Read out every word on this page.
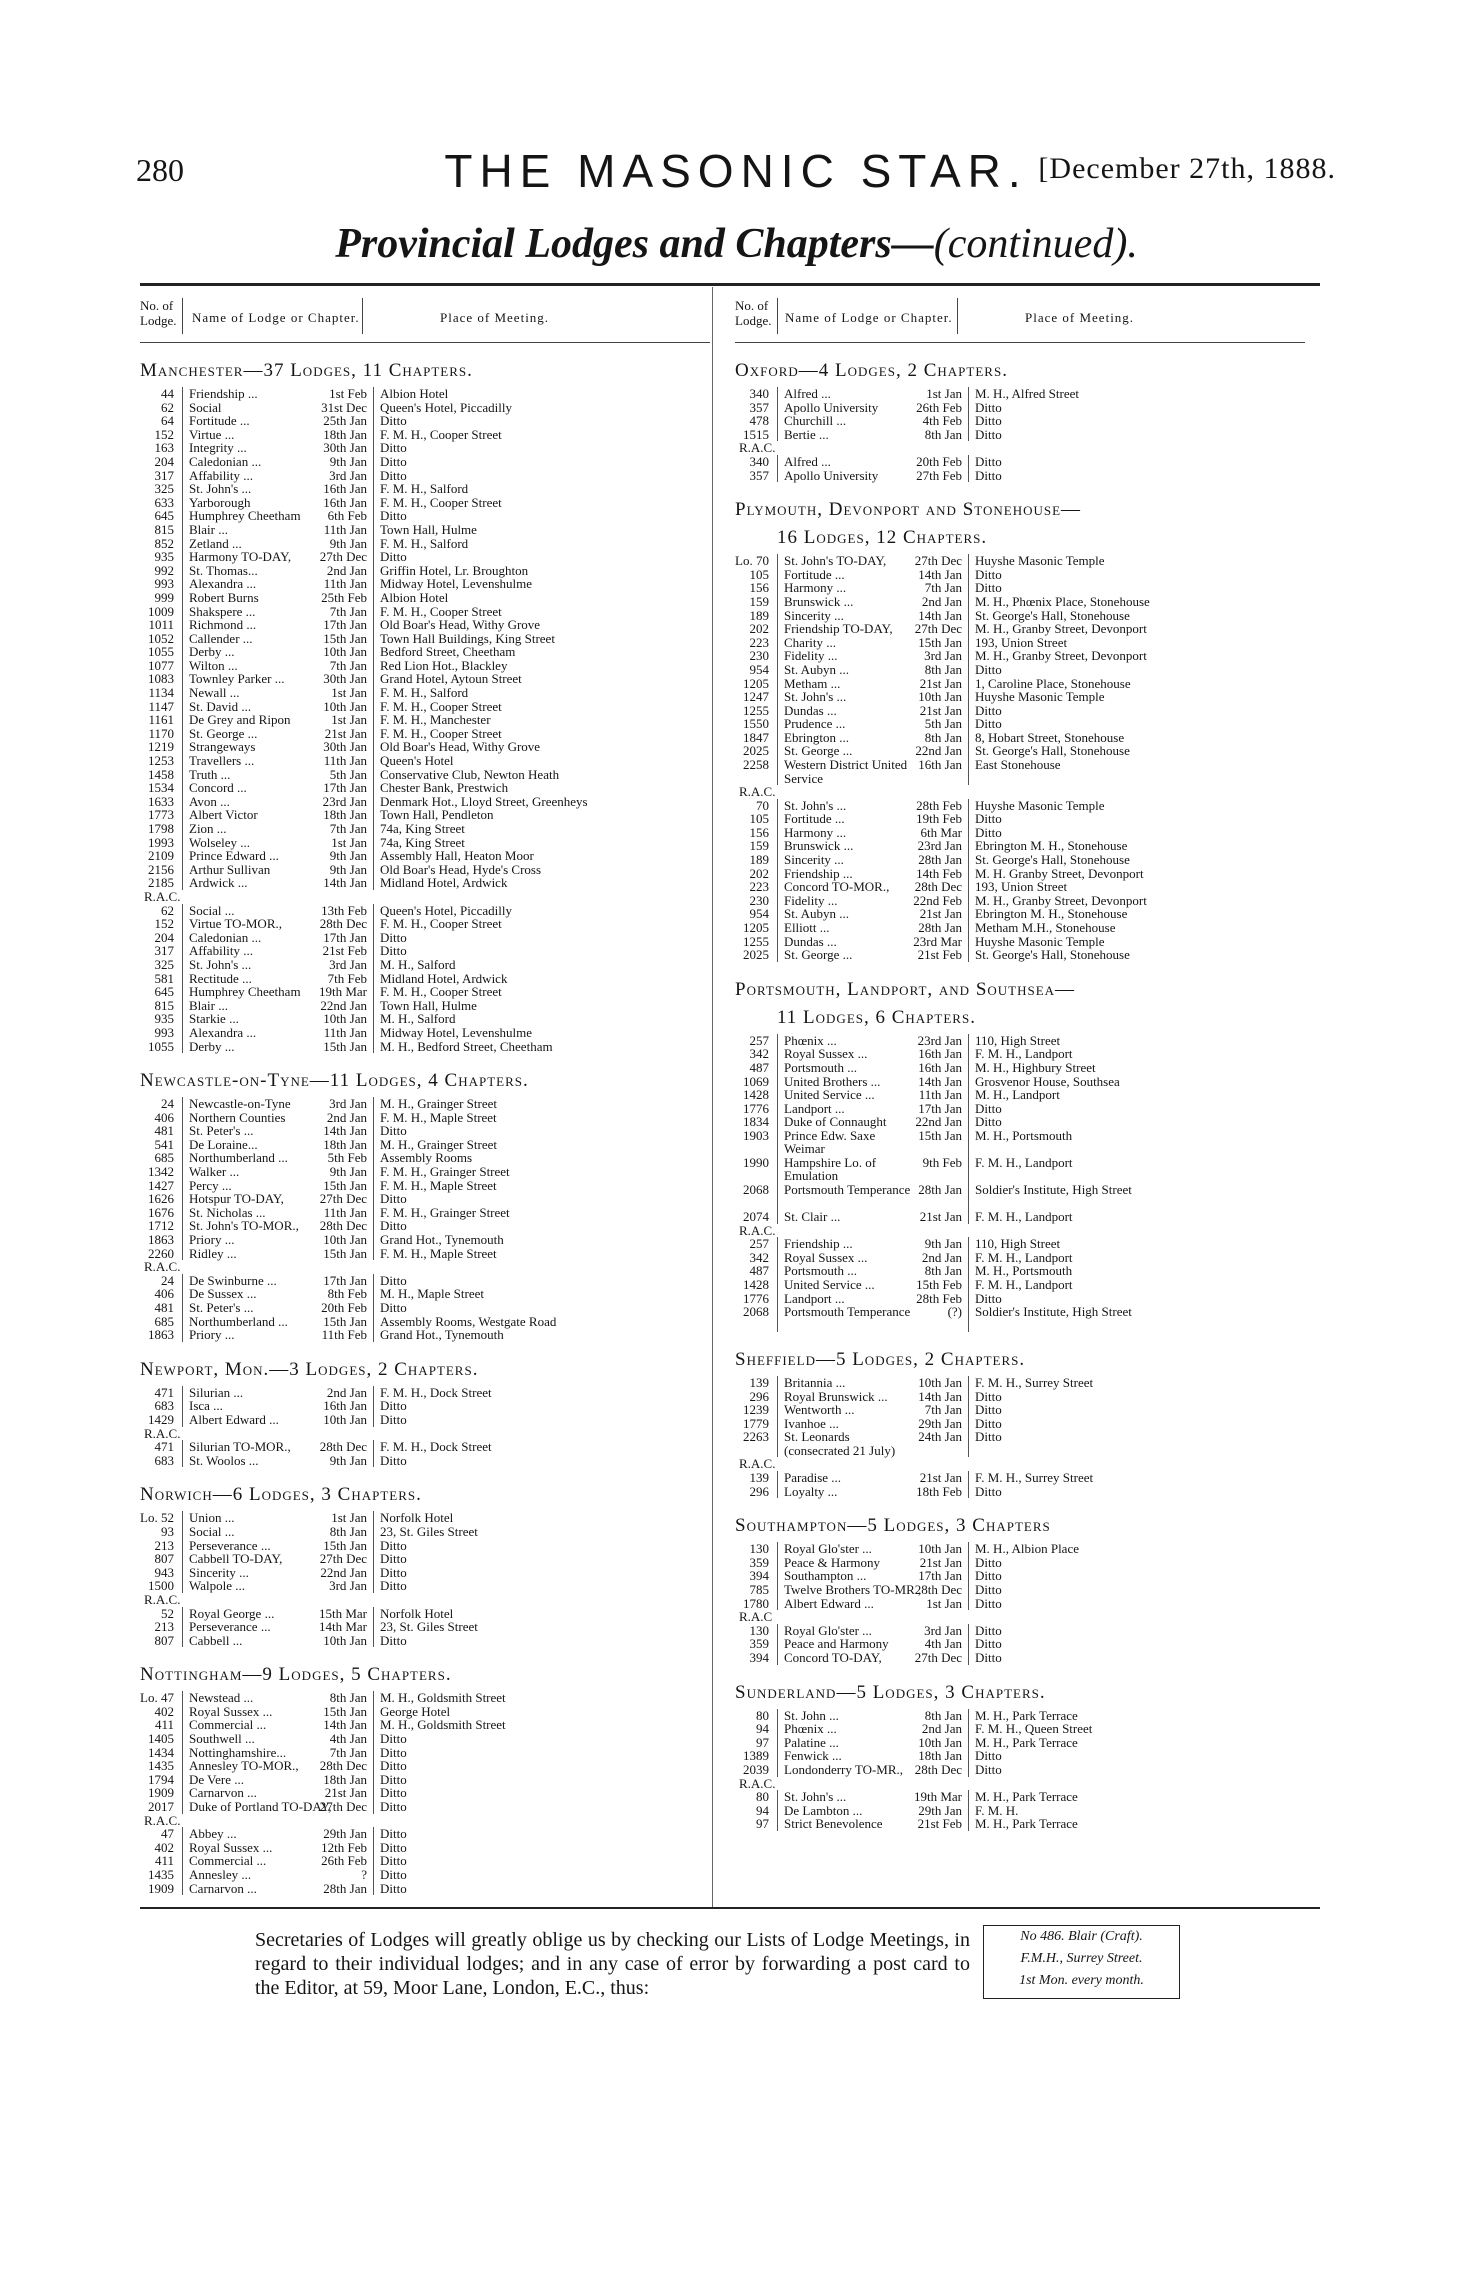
280	THE MASONIC STAR. [December 27th, 1888.
Provincial Lodges and Chapters—(continued).
No. of Lodge. Name of Lodge or Chapter.	Place of Meeting.
Manchester—37 Lodges, 11 Chapters.
44	Friendship ...	1st Feb	Albion Hotel
62	Social	31st Dec	Queen's Hotel, Piccadilly
64	Fortitude ...	25th Jan	Ditto
152	Virtue ...	18th Jan	F. M. H., Cooper Street
163	Integrity ...	30th Jan	Ditto
204	Caledonian ...	9th Jan	Ditto
317	Affability ...	3rd Jan	Ditto
325	St. John's ...	16th Jan	F. M. H., Salford
633	Yarborough	16th Jan	F. M. H., Cooper Street
645	Humphrey Cheetham	6th Feb	Ditto
815	Blair ...	11th Jan	Town Hall, Hulme
852	Zetland ...	9th Jan	F. M. H., Salford
935	Harmony TO-DAY,	27th Dec	Ditto
992	St. Thomas...	2nd Jan	Griffin Hotel, Lr. Broughton
993	Alexandra ...	11th Jan	Midway Hotel, Levenshulme
999	Robert Burns	25th Feb	Albion Hotel
1009	Shakspere ...	7th Jan	F. M. H., Cooper Street
1011	Richmond ...	17th Jan	Old Boar's Head, Withy Grove
1052	Callender ...	15th Jan	Town Hall Buildings, King Street
1055	Derby ...	10th Jan	Bedford Street, Cheetham
1077	Wilton ...	7th Jan	Red Lion Hot., Blackley
1083	Townley Parker ...	30th Jan	Grand Hotel, Aytoun Street
1134	Newall ...	1st Jan	F. M. H., Salford
1147	St. David ...	10th Jan	F. M. H., Cooper Street
1161	De Grey and Ripon	1st Jan	F. M. H., Manchester
1170	St. George ...	21st Jan	F. M. H., Cooper Street
1219	Strangeways	30th Jan	Old Boar's Head, Withy Grove
1253	Travellers ...	11th Jan	Queen's Hotel
1458	Truth ...	5th Jan	Conservative Club, Newton Heath
1534	Concord ...	17th Jan	Chester Bank, Prestwich
1633	Avon ...	23rd Jan	Denmark Hot., Lloyd Street, Greenheys
1773	Albert Victor	18th Jan	Town Hall, Pendleton
1798	Zion ...	7th Jan	74a, King Street
1993	Wolseley ...	1st Jan	74a, King Street
2109	Prince Edward ...	9th Jan	Assembly Hall, Heaton Moor
2156	Arthur Sullivan	9th Jan	Old Boar's Head, Hyde's Cross
2185	Ardwick ...	14th Jan	Midland Hotel, Ardwick
R.A.C.
62	Social ...	13th Feb	Queen's Hotel, Piccadilly
152	Virtue TO-MOR.,	28th Dec	F. M. H., Cooper Street
204	Caledonian ...	17th Jan	Ditto
317	Affability ...	21st Feb	Ditto
325	St. John's ...	3rd Jan	M. H., Salford
581	Rectitude ...	7th Feb	Midland Hotel, Ardwick
645	Humphrey Cheetham	19th Mar	F. M. H., Cooper Street
815	Blair ...	22nd Jan	Town Hall, Hulme
935	Starkie ...	10th Jan	M. H., Salford
993	Alexandra ...	11th Jan	Midway Hotel, Levenshulme
1055	Derby ...	15th Jan	M. H., Bedford Street, Cheetham
Newcastle-on-Tyne—11 Lodges, 4 Chapters.
24	Newcastle-on-Tyne	3rd Jan	M. H., Grainger Street
406	Northern Counties	2nd Jan	F. M. H., Maple Street
481	St. Peter's ...	14th Jan	Ditto
541	De Loraine...	18th Jan	M. H., Grainger Street
685	Northumberland ...	5th Feb	Assembly Rooms
1342	Walker ...	9th Jan	F. M. H., Grainger Street
1427	Percy ...	15th Jan	F. M. H., Maple Street
1626	Hotspur TO-DAY,	27th Dec	Ditto
1676	St. Nicholas ...	11th Jan	F. M. H., Grainger Street
1712	St. John's TO-MOR.,	28th Dec	Ditto
1863	Priory ...	10th Jan	Grand Hot., Tynemouth
2260	Ridley ...	15th Jan	F. M. H., Maple Street
R.A.C.
24	De Swinburne ...	17th Jan	Ditto
406	De Sussex ...	8th Feb	M. H., Maple Street
481	St. Peter's ...	20th Feb	Ditto
685	Northumberland ...	15th Jan	Assembly Rooms, Westgate Road
1863	Priory ...	11th Feb	Grand Hot., Tynemouth
Newport, Mon.—3 Lodges, 2 Chapters.
471	Silurian ...	2nd Jan	F. M. H., Dock Street
683	Isca ...	16th Jan	Ditto
1429	Albert Edward ...	10th Jan	Ditto
R.A.C.
471	Silurian TO-MOR.,	28th Dec	F. M. H., Dock Street
683	St. Woolos ...	9th Jan	Ditto
Norwich—6 Lodges, 3 Chapters.
Lo. 52	Union ...	1st Jan	Norfolk Hotel
93	Social ...	8th Jan	23, St. Giles Street
213	Perseverance ...	15th Jan	Ditto
807	Cabbell TO-DAY,	27th Dec	Ditto
943	Sincerity ...	22nd Jan	Ditto
1500	Walpole ...	3rd Jan	Ditto
R.A.C.
52	Royal George ...	15th Mar	Norfolk Hotel
213	Perseverance ...	14th Mar	23, St. Giles Street
807	Cabbell ...	10th Jan	Ditto
Nottingham—9 Lodges, 5 Chapters.
Lo. 47	Newstead ...	8th Jan	M. H., Goldsmith Street
402	Royal Sussex ...	15th Jan	George Hotel
411	Commercial ...	14th Jan	M. H., Goldsmith Street
1405	Southwell ...	4th Jan	Ditto
1434	Nottinghamshire...	7th Jan	Ditto
1435	Annesley TO-MOR.,	28th Dec	Ditto
1794	De Vere ...	18th Jan	Ditto
1909	Carnarvon ...	21st Jan	Ditto
2017	Duke of Portland TO-DAY,
27th Dec	Ditto
R.A.C.
47	Abbey ...	29th Jan	Ditto
402	Royal Sussex ...	12th Feb	Ditto
411	Commercial ...	26th Feb	Ditto
1435	Annesley ...	?	Ditto
1909	Carnarvon ...	28th Jan	Ditto
No. of Lodge. Name of Lodge or Chapter.	Place of Meeting.
Oxford—4 Lodges, 2 Chapters.
340	Alfred ...	1st Jan	M. H., Alfred Street
357	Apollo University	26th Feb	Ditto
478	Churchill ...	4th Feb	Ditto
1515	Bertie ...	8th Jan	Ditto
R.A.C.
340	Alfred ...	20th Feb	Ditto
357	Apollo University	27th Feb	Ditto
Plymouth, Devonport and Stonehouse—
16 Lodges, 12 Chapters.
Lo. 70	St. John's TO-DAY,	27th Dec	Huyshe Masonic Temple
105	Fortitude ...	14th Jan	Ditto
156	Harmony ...	7th Jan	Ditto
159	Brunswick ...	2nd Jan	M. H., Phœnix Place, Stonehouse
189	Sincerity ...	14th Jan	St. George's Hall, Stonehouse
202	Friendship TO-DAY,	27th Dec	M. H., Granby Street, Devonport
223	Charity ...	15th Jan	193, Union Street
230	Fidelity ...	3rd Jan	M. H., Granby Street, Devonport
954	St. Aubyn ...	8th Jan	Ditto
1205	Metham ...	21st Jan	1, Caroline Place, Stonehouse
1247	St. John's ...	10th Jan	Huyshe Masonic Temple
1255	Dundas ...	21st Jan	Ditto
1550	Prudence ...	5th Jan	Ditto
1847	Ebrington ...	8th Jan	8, Hobart Street, Stonehouse
2025	St. George ...	22nd Jan	St. George's Hall, Stonehouse
2258	Western District United Service
16th Jan	East Stonehouse
R.A.C.
70	St. John's ...	28th Feb	Huyshe Masonic Temple
105	Fortitude ...	19th Feb	Ditto
156	Harmony ...	6th Mar	Ditto
159	Brunswick ...	23rd Jan	Ebrington M. H., Stonehouse
189	Sincerity ...	28th Jan	St. George's Hall, Stonehouse
202	Friendship ...	14th Feb	M. H. Granby Street, Devonport
223	Concord TO-MOR.,	28th Dec	193, Union Street
230	Fidelity ...	22nd Feb	M. H., Granby Street, Devonport
954	St. Aubyn ...	21st Jan	Ebrington M. H., Stonehouse
1205	Elliott ...	28th Jan	Metham M.H., Stonehouse
1255	Dundas ...	23rd Mar	Huyshe Masonic Temple
2025	St. George ...	21st Feb	St. George's Hall, Stonehouse
Portsmouth, Landport, and Southsea—
11 Lodges, 6 Chapters.
257	Phœnix ...	23rd Jan	110, High Street
342	Royal Sussex ...	16th Jan	F. M. H., Landport
487	Portsmouth ...	16th Jan	M. H., Highbury Street
1069	United Brothers ...	14th Jan	Grosvenor House, Southsea
1428	United Service ...	11th Jan	M. H., Landport
1776	Landport ...	17th Jan	Ditto
1834	Duke of Connaught	22nd Jan	Ditto
1903	Prince Edw. Saxe Weimar
15th Jan	M. H., Portsmouth
1990	Hampshire Lo. of Emulation
9th Feb	F. M. H., Landport
2068	Portsmouth Temperance 28th Jan	Soldier's Institute, High Street
2074	St. Clair ...	21st Jan	F. M. H., Landport
R.A.C.
257	Friendship ...	9th Jan	110, High Street
342	Royal Sussex ...	2nd Jan	F. M. H., Landport
487	Portsmouth ...	8th Jan	M. H., Portsmouth
1428	United Service ...	15th Feb	F. M. H., Landport
1776	Landport ...	28th Feb	Ditto
2068	Portsmouth Temperance	(?)	Soldier's Institute, High Street
Sheffield—5 Lodges, 2 Chapters.
139	Britannia ...	10th Jan	F. M. H., Surrey Street
296	Royal Brunswick ...	14th Jan	Ditto
1239	Wentworth ...	7th Jan	Ditto
1779	Ivanhoe ...	29th Jan	Ditto
2263	St. Leonards (consecrated 21 July)
24th Jan	Ditto
R.A.C.
139	Paradise ...	21st Jan	F. M. H., Surrey Street
296	Loyalty ...	18th Feb	Ditto
Southampton—5 Lodges, 3 Chapters
130	Royal Glo'ster ...	10th Jan	M. H., Albion Place
359	Peace & Harmony	21st Jan	Ditto
394	Southampton ...	17th Jan	Ditto
785	Twelve Brothers TO-MR.,
28th Dec	Ditto
1780	Albert Edward ...	1st Jan	Ditto
R.A.C
130	Royal Glo'ster ...	3rd Jan	Ditto
359	Peace and Harmony	4th Jan	Ditto
394	Concord TO-DAY,	27th Dec	Ditto
Sunderland—5 Lodges, 3 Chapters.
80	St. John ...	8th Jan	M. H., Park Terrace
94	Phœnix ...	2nd Jan	F. M. H., Queen Street
97	Palatine ...	10th Jan	M. H., Park Terrace
1389	Fenwick ...	18th Jan	Ditto
2039	Londonderry TO-MR., 28th Dec	Ditto
R.A.C.
80	St. John's ...	19th Mar	M. H., Park Terrace
94	De Lambton ...	29th Jan	F. M. H.
97	Strict Benevolence	21st Feb	M. H., Park Terrace
Secretaries of Lodges will greatly oblige us by checking our Lists of Lodge Meetings, in regard to their individual lodges; and in any case of error by forwarding a post card to the Editor, at 59, Moor Lane, London, E.C., thus:
No 486. Blair (Craft).
F.M.H., Surrey Street.
1st Mon. every month.
